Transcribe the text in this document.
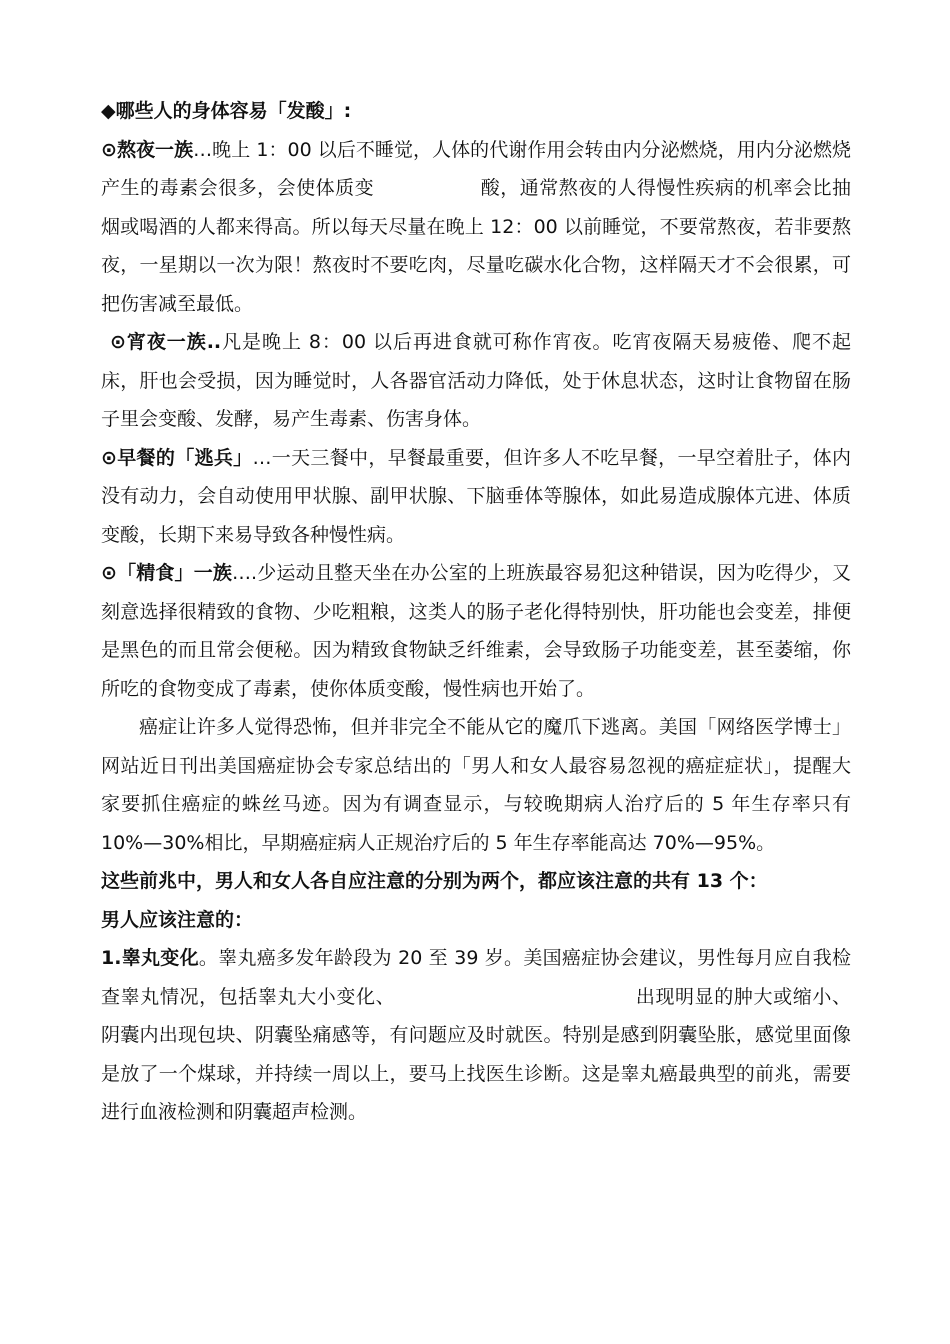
◆哪些人的身体容易「发酸」:

⊙熬夜一族…晚上 1：00 以后不睡觉，人体的代谢作用会转由内分泌燃烧，用内分泌燃烧产生的毒素会很多，会使体质变	酸，通常熬夜的人得慢性疾病的机率会比抽烟或喝酒的人都来得高。所以每天尽量在晚上 12：00 以前睡觉，不要常熬夜，若非要熬夜，一星期以一次为限！熬夜时不要吃肉，尽量吃碳水化合物，这样隔天才不会很累，可把伤害减至最低。

⊙宵夜一族..凡是晚上 8：00 以后再进食就可称作宵夜。吃宵夜隔天易疲倦、爬不起床，肝也会受损，因为睡觉时，人各器官活动力降低，处于休息状态，这时让食物留在肠子里会变酸、发酵，易产生毒素、伤害身体。

⊙早餐的「逃兵」…一天三餐中，早餐最重要，但许多人不吃早餐，一早空着肚子，体内没有动力，会自动使用甲状腺、副甲状腺、下脑垂体等腺体，如此易造成腺体亢进、体质变酸，长期下来易导致各种慢性病。

⊙「精食」一族….少运动且整天坐在办公室的上班族最容易犯这种错误，因为吃得少，又刻意选择很精致的食物、少吃粗粮，这类人的肠子老化得特别快，肝功能也会变差，排便是黑色的而且常会便秘。因为精致食物缺乏纤维素，会导致肠子功能变差，甚至萎缩，你所吃的食物变成了毒素，使你体质变酸，慢性病也开始了。

癌症让许多人觉得恐怖，但并非完全不能从它的魔爪下逃离。美国「网络医学博士」网站近日刊出美国癌症协会专家总结出的「男人和女人最容易忽视的癌症症状」，提醒大家要抓住癌症的蛛丝马迹。因为有调查显示，与较晚期病人治疗后的 5 年生存率只有 10%—30%相比，早期癌症病人正规治疗后的 5 年生存率能高达 70%—95%。

这些前兆中，男人和女人各自应注意的分别为两个，都应该注意的共有 13 个：

男人应该注意的：

1.睾丸变化。睾丸癌多发年龄段为 20 至 39 岁。美国癌症协会建议，男性每月应自我检查睾丸情况，包括睾丸大小变化、	出现明显的肿大或缩小、阴囊内出现包块、阴囊坠痛感等，有问题应及时就医。特别是感到阴囊坠胀，感觉里面像是放了一个煤球，并持续一周以上，要马上找医生诊断。这是睾丸癌最典型的前兆，需要进行血液检测和阴囊超声检测。
